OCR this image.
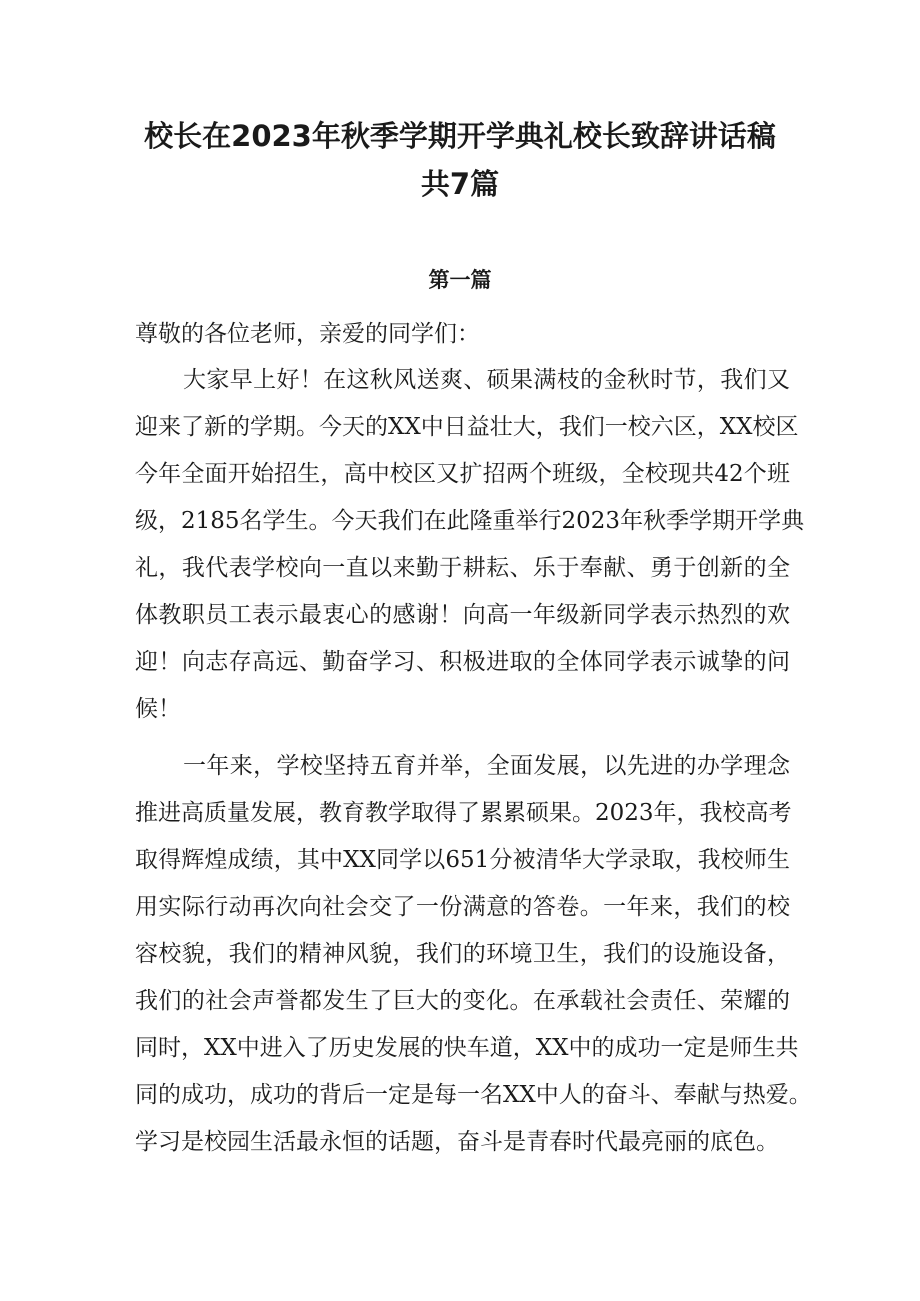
校长在2023年秋季学期开学典礼校长致辞讲话稿
共7篇
第一篇

尊敬的各位老师，亲爱的同学们：

大家早上好！在这秋风送爽、硕果满枝的金秋时节，我们又

迎来了新的学期。今天的XX中日益壮大，我们一校六区，XX校区

今年全面开始招生，高中校区又扩招两个班级，全校现共42个班

级，2185名学生。今天我们在此隆重举行2023年秋季学期开学典

礼，我代表学校向一直以来勤于耕耘、乐于奉献、勇于创新的全

体教职员工表示最衷心的感谢！向高一年级新同学表示热烈的欢

迎！向志存高远、勤奋学习、积极进取的全体同学表示诚挚的问

候！

一年来，学校坚持五育并举，全面发展，以先进的办学理念

推进高质量发展，教育教学取得了累累硕果。2023年，我校高考

取得辉煌成绩，其中XX同学以651分被清华大学录取，我校师生

用实际行动再次向社会交了一份满意的答卷。一年来，我们的校

容校貌，我们的精神风貌，我们的环境卫生，我们的设施设备，

我们的社会声誉都发生了巨大的变化。在承载社会责任、荣耀的

同时，XX中进入了历史发展的快车道，XX中的成功一定是师生共

同的成功，成功的背后一定是每一名XX中人的奋斗、奉献与热爱。

学习是校园生活最永恒的话题，奋斗是青春时代最亮丽的底色。
